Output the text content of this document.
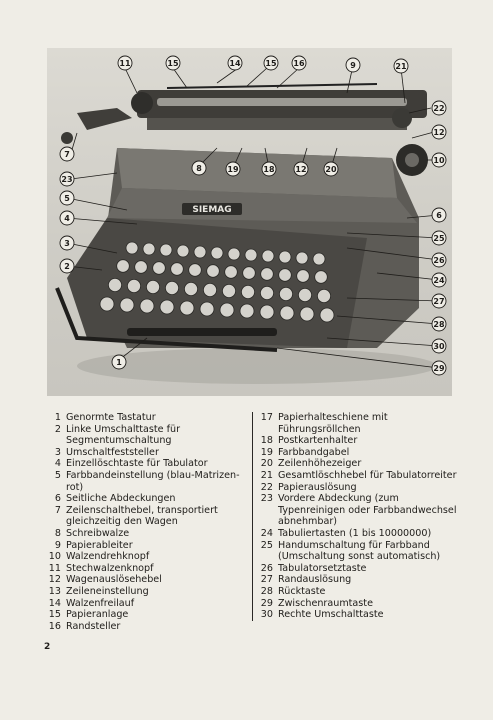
SIEMAG
11	15	14	15 16	9	21
22
12
10
7
23
8	19	18	12 20
5
4
3
2
6
25
26
24
27
28
30
29
1
1 Genormte Tastatur
2 Linke Umschalttaste für Segmentumschaltung
3 Umschaltfeststeller
4 Einzellöschtaste für Tabulator
5 Farbbandeinstellung (blau-Matrizen-rot)
6 Seitliche Abdeckungen
7 Zeilenschalthebel, transportiert gleichzeitig den Wagen
8 Schreibwalze
9 Papierableiter
10 Walzendrehknopf
11 Stechwalzenknopf
12 Wagenauslösehebel
13 Zeileneinstellung
14 Walzenfreilauf
15 Papieranlage
16 Randsteller
17 Papierhalteschiene mit Führungsröllchen
18 Postkartenhalter
19 Farbbandgabel
20 Zeilenhöhezeiger
21 Gesamtlöschhebel für Tabulatorreiter
22 Papierauslösung
23 Vordere Abdeckung (zum Typenreinigen oder Farbbandwechsel abnehmbar)
24 Tabuliertasten (1 bis 10000000)
25 Handumschaltung für Farbband (Umschaltung sonst automatisch)
26 Tabulatorsetztaste
27 Randauslösung
28 Rücktaste
29 Zwischenraumtaste
30 Rechte Umschalttaste
2
